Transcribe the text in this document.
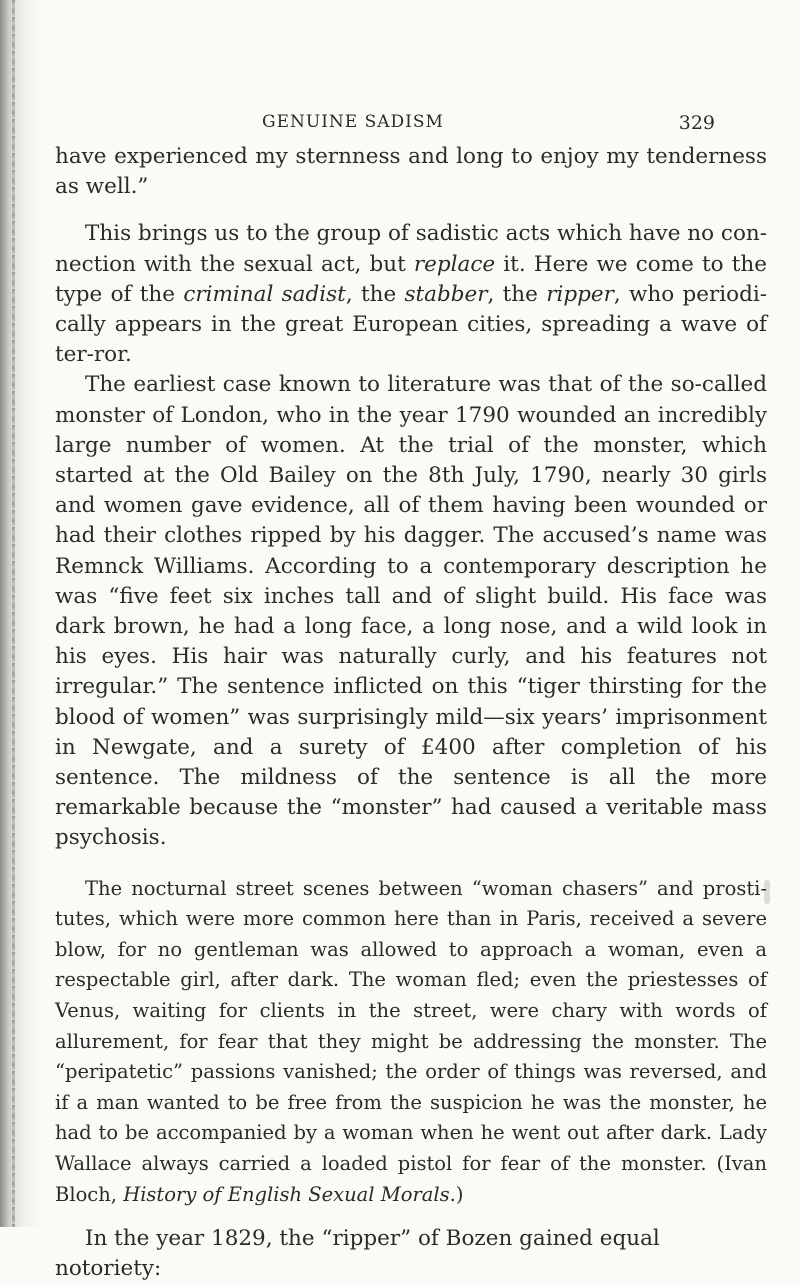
GENUINE SADISM	329

have experienced my sternness and long to enjoy my tenderness as well.”

This brings us to the group of sadistic acts which have no con-nection with the sexual act, but replace it. Here we come to the type of the criminal sadist, the stabber, the ripper, who periodi-cally appears in the great European cities, spreading a wave of ter-ror.

The earliest case known to literature was that of the so-called monster of London, who in the year 1790 wounded an incredibly large number of women. At the trial of the monster, which started at the Old Bailey on the 8th July, 1790, nearly 30 girls and women gave evidence, all of them having been wounded or had their clothes ripped by his dagger. The accused’s name was Remnck Williams. According to a contemporary description he was “five feet six inches tall and of slight build. His face was dark brown, he had a long face, a long nose, and a wild look in his eyes. His hair was naturally curly, and his features not irregular.” The sentence inflicted on this “tiger thirsting for the blood of women” was surprisingly mild—six years’ imprisonment in Newgate, and a surety of £400 after completion of his sentence. The mildness of the sentence is all the more remarkable because the “monster” had caused a veritable mass psychosis.

The nocturnal street scenes between “woman chasers” and prosti-tutes, which were more common here than in Paris, received a severe blow, for no gentleman was allowed to approach a woman, even a respectable girl, after dark. The woman fled; even the priestesses of Venus, waiting for clients in the street, were chary with words of allurement, for fear that they might be addressing the monster. The “peripatetic” passions vanished; the order of things was reversed, and if a man wanted to be free from the suspicion he was the monster, he had to be accompanied by a woman when he went out after dark. Lady Wallace always carried a loaded pistol for fear of the monster. (Ivan Bloch, History of English Sexual Morals.)

In the year 1829, the “ripper” of Bozen gained equal notoriety:
